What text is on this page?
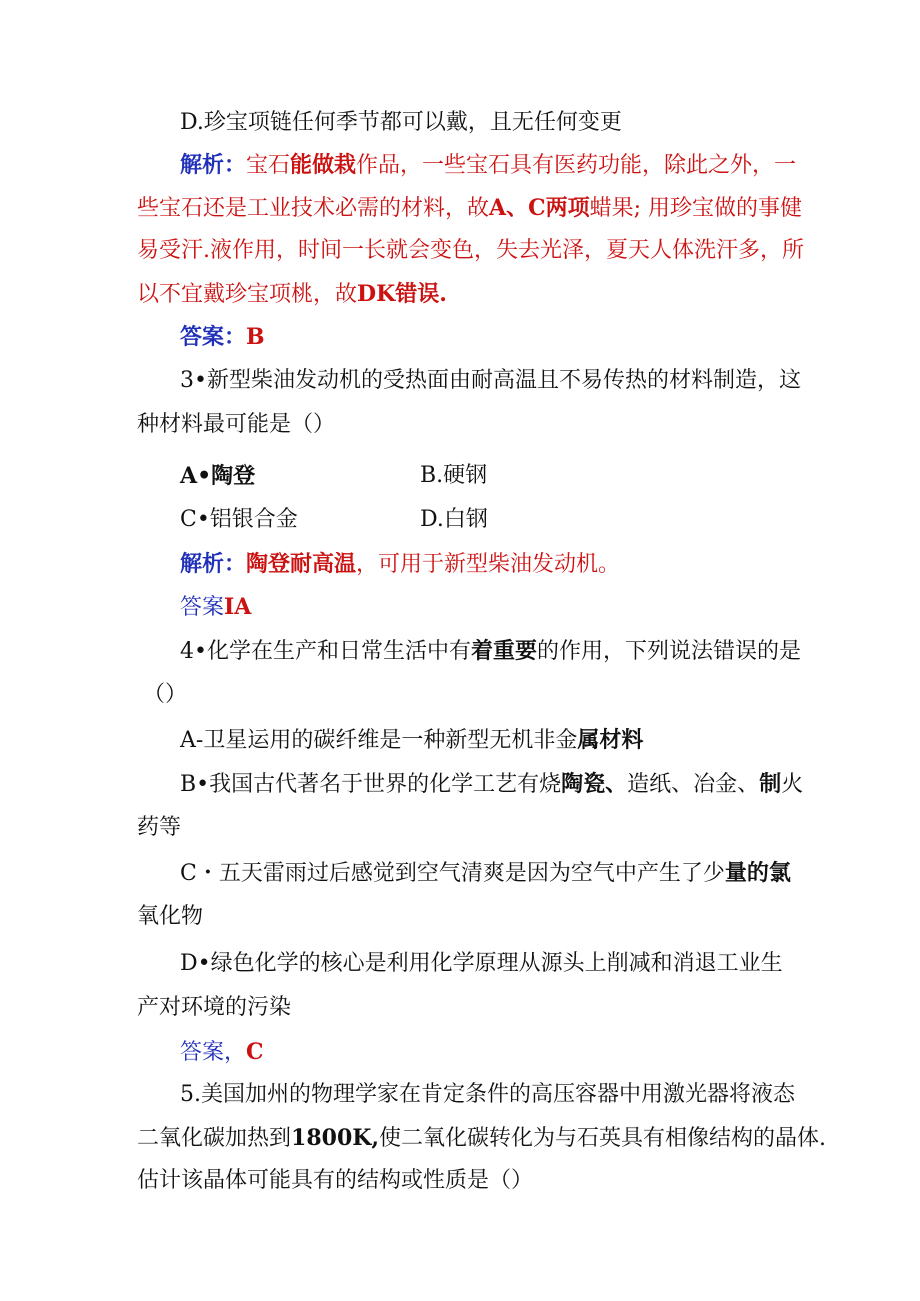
D.珍宝项链任何季节都可以戴，且无任何变更
解析：宝石能做栽作品，一些宝石具有医药功能，除此之外，一
些宝石还是工业技术必需的材料，故A、C两项蜡果; 用珍宝做的事健
易受汗.液作用，时间一长就会变色，失去光泽，夏天人体洗汗多，所
以不宜戴珍宝项桃，故DK错误.
答案：B
3•新型柴油发动机的受热面由耐高温且不易传热的材料制造，这
种材料最可能是（）
A•陶登	B.硬钢
C•铝银合金	D.白钢
解析：陶登耐高温，可用于新型柴油发动机。
答案IA
4•化学在生产和日常生活中有着重要的作用，下列说法错误的是
（）
A-卫星运用的碳纤维是一种新型无机非金属材料
B•我国古代著名于世界的化学工艺有烧陶瓷、造纸、冶金、制火
药等
C・五天雷雨过后感觉到空气清爽是因为空气中产生了少量的氯
氧化物
D•绿色化学的核心是利用化学原理从源头上削减和消退工业生
产对环境的污染
答案，C
5.美国加州的物理学家在肯定条件的高压容器中用激光器将液态
二氧化碳加热到1800K,使二氧化碳转化为与石英具有相像结构的晶体.
估计该晶体可能具有的结构或性质是（）
